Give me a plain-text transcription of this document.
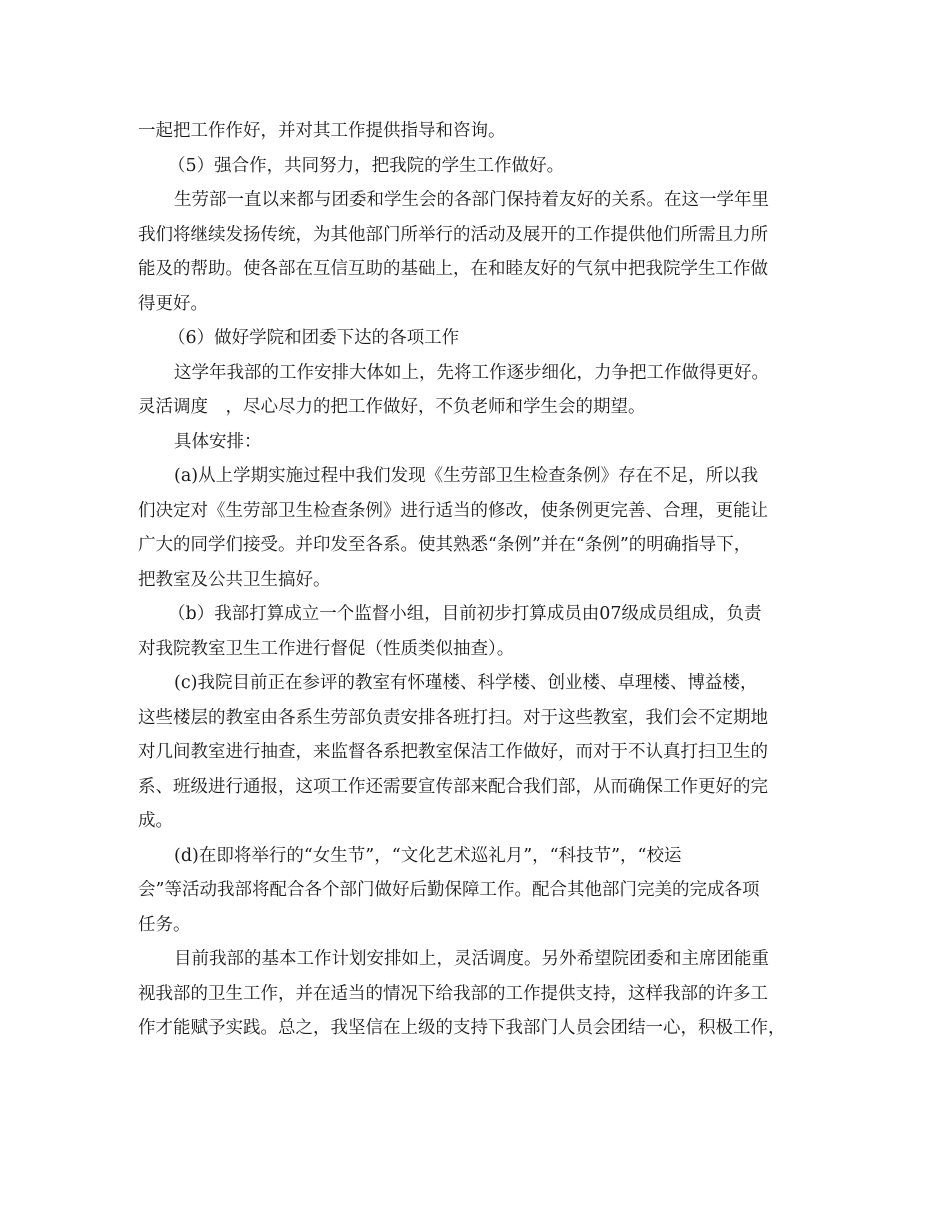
一起把工作作好，并对其工作提供指导和咨询。
（5）强合作，共同努力，把我院的学生工作做好。
生劳部一直以来都与团委和学生会的各部门保持着友好的关系。在这一学年里
我们将继续发扬传统，为其他部门所举行的活动及展开的工作提供他们所需且力所
能及的帮助。使各部在互信互助的基础上，在和睦友好的气氛中把我院学生工作做
得更好。
（6）做好学院和团委下达的各项工作
这学年我部的工作安排大体如上，先将工作逐步细化，力争把工作做得更好。
灵活调度　，尽心尽力的把工作做好，不负老师和学生会的期望。
具体安排：
(a)从上学期实施过程中我们发现《生劳部卫生检查条例》存在不足，所以我
们决定对《生劳部卫生检查条例》进行适当的修改，使条例更完善、合理，更能让
广大的同学们接受。并印发至各系。使其熟悉“条例”并在“条例”的明确指导下，
把教室及公共卫生搞好。
（b）我部打算成立一个监督小组，目前初步打算成员由07级成员组成，负责
对我院教室卫生工作进行督促（性质类似抽查）。
(c)我院目前正在参评的教室有怀瑾楼、科学楼、创业楼、卓理楼、博益楼，
这些楼层的教室由各系生劳部负责安排各班打扫。对于这些教室，我们会不定期地
对几间教室进行抽查，来监督各系把教室保洁工作做好，而对于不认真打扫卫生的
系、班级进行通报，这项工作还需要宣传部来配合我们部，从而确保工作更好的完
成。
(d)在即将举行的“女生节”，“文化艺术巡礼月”，“科技节”，“校运
会”等活动我部将配合各个部门做好后勤保障工作。配合其他部门完美的完成各项
任务。
目前我部的基本工作计划安排如上，灵活调度。另外希望院团委和主席团能重
视我部的卫生工作，并在适当的情况下给我部的工作提供支持，这样我部的许多工
作才能赋予实践。总之，我坚信在上级的支持下我部门人员会团结一心，积极工作，
